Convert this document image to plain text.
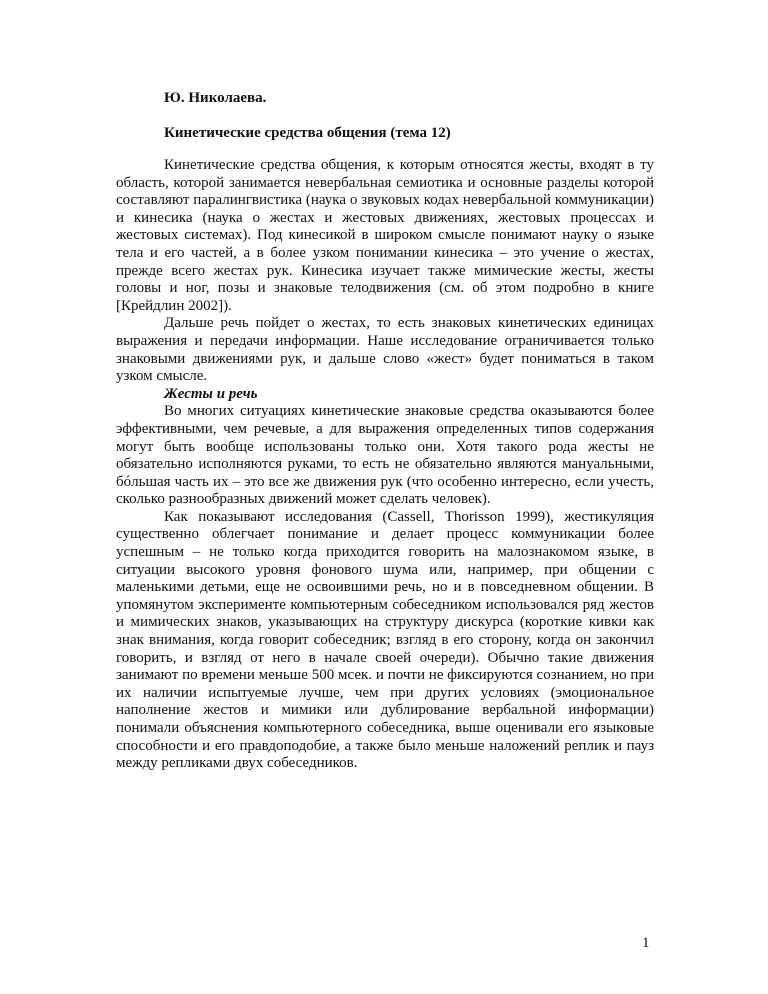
Ю. Николаева.

Кинетические средства общения (тема 12)

Кинетические средства общения, к которым относятся жесты, входят в ту область, которой занимается невербальная семиотика и основные разделы которой составляют паралингвистика (наука о звуковых кодах невербальной коммуникации) и кинесика (наука о жестах и жестовых движениях, жестовых процессах и жестовых системах). Под кинесикой в широком смысле понимают науку о языке тела и его частей, а в более узком понимании кинесика – это учение о жестах, прежде всего жестах рук. Кинесика изучает также мимические жесты, жесты головы и ног, позы и знаковые телодвижения (см. об этом подробно в книге [Крейдлин 2002]).

Дальше речь пойдет о жестах, то есть знаковых кинетических единицах выражения и передачи информации. Наше исследование ограничивается только знаковыми движениями рук, и дальше слово «жест» будет пониматься в таком узком смысле.

Жесты и речь

Во многих ситуациях кинетические знаковые средства оказываются более эффективными, чем речевые, а для выражения определенных типов содержания могут быть вообще использованы только они. Хотя такого рода жесты не обязательно исполняются руками, то есть не обязательно являются мануальными, бóльшая часть их – это все же движения рук (что особенно интересно, если учесть, сколько разнообразных движений может сделать человек).

Как показывают исследования (Cassell, Thorisson 1999), жестикуляция существенно облегчает понимание и делает процесс коммуникации более успешным – не только когда приходится говорить на малознакомом языке, в ситуации высокого уровня фонового шума или, например, при общении с маленькими детьми, еще не освоившими речь, но и в повседневном общении. В упомянутом эксперименте компьютерным собеседником использовался ряд жестов и мимических знаков, указывающих на структуру дискурса (короткие кивки как знак внимания, когда говорит собеседник; взгляд в его сторону, когда он закончил говорить, и взгляд от него в начале своей очереди). Обычно такие движения занимают по времени меньше 500 мсек. и почти не фиксируются сознанием, но при их наличии испытуемые лучше, чем при других условиях (эмоциональное наполнение жестов и мимики или дублирование вербальной информации) понимали объяснения компьютерного собеседника, выше оценивали его языковые способности и его правдоподобие, а также было меньше наложений реплик и пауз между репликами двух собеседников.

1
